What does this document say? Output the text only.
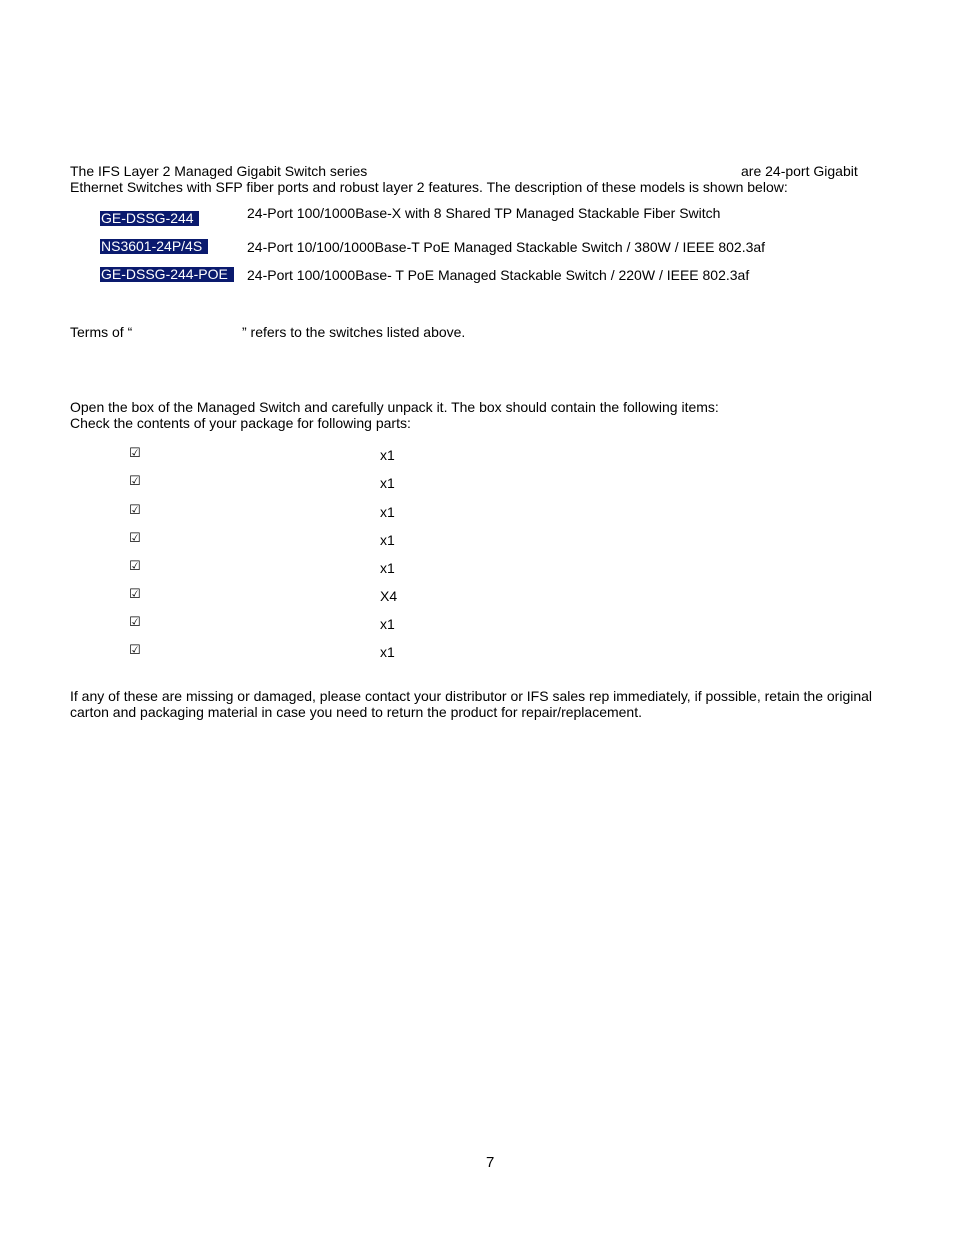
The IFS Layer 2 Managed Gigabit Switch series	are 24-port Gigabit
Ethernet Switches with SFP fiber ports and robust layer 2 features. The description of these models is shown below:
GE-DSSG-244	24-Port 100/1000Base-X with 8 Shared TP Managed Stackable Fiber Switch
NS3601-24P/4S	24-Port 10/100/1000Base-T PoE Managed Stackable Switch / 380W / IEEE 802.3af
GE-DSSG-244-POE	24-Port 100/1000Base- T PoE Managed Stackable Switch / 220W / IEEE 802.3af
Terms of “	” refers to the switches listed above.
Open the box of the Managed Switch and carefully unpack it. The box should contain the following items:
Check the contents of your package for following parts:
☑	x1
☑	x1
☑	x1
☑	x1
☑	x1
☑	X4
☑	x1
☑	x1
If any of these are missing or damaged, please contact your distributor or IFS sales rep immediately, if possible, retain the original
carton and packaging material in case you need to return the product for repair/replacement.
7
